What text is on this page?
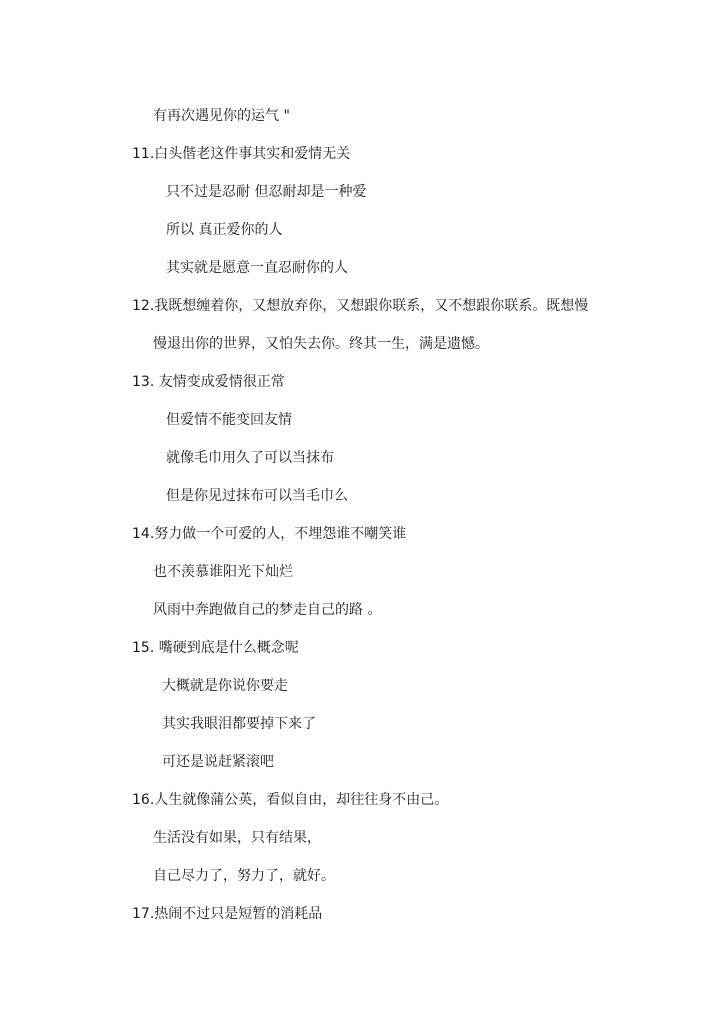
有再次遇见你的运气 "
11.白头偕老这件事其实和爱情无关
只不过是忍耐 但忍耐却是一种爱
所以 真正爱你的人
其实就是愿意一直忍耐你的人
12.我既想缠着你，又想放弃你，又想跟你联系，又不想跟你联系。既想慢
慢退出你的世界，又怕失去你。终其一生，满是遗憾。
13. 友情变成爱情很正常
但爱情不能变回友情
就像毛巾用久了可以当抹布
但是你见过抹布可以当毛巾么
14.努力做一个可爱的人，不埋怨谁不嘲笑谁
也不羡慕谁阳光下灿烂
风雨中奔跑做自己的梦走自己的路 。
15. 嘴硬到底是什么概念呢
大概就是你说你要走
其实我眼泪都要掉下来了
可还是说赶紧滚吧
16.人生就像蒲公英，看似自由，却往往身不由己。
生活没有如果，只有结果，
自己尽力了，努力了，就好。
17.热闹不过只是短暂的消耗品
